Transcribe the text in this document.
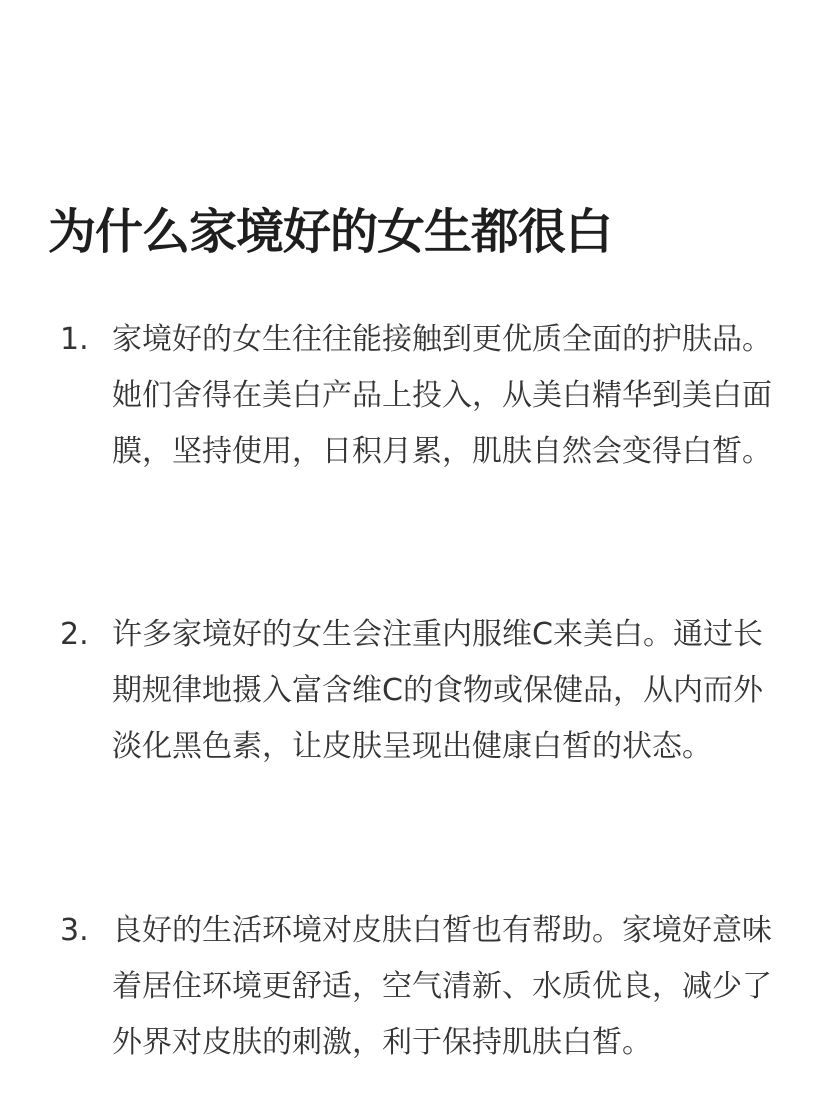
为什么家境好的女生都很白
1. 家境好的女生往往能接触到更优质全面的护肤品。她们舍得在美白产品上投入，从美白精华到美白面膜，坚持使用，日积月累，肌肤自然会变得白皙。

2. 许多家境好的女生会注重内服维C来美白。通过长期规律地摄入富含维C的食物或保健品，从内而外淡化黑色素，让皮肤呈现出健康白皙的状态。

3. 良好的生活环境对皮肤白皙也有帮助。家境好意味着居住环境更舒适，空气清新、水质优良，减少了外界对皮肤的刺激，利于保持肌肤白皙。
